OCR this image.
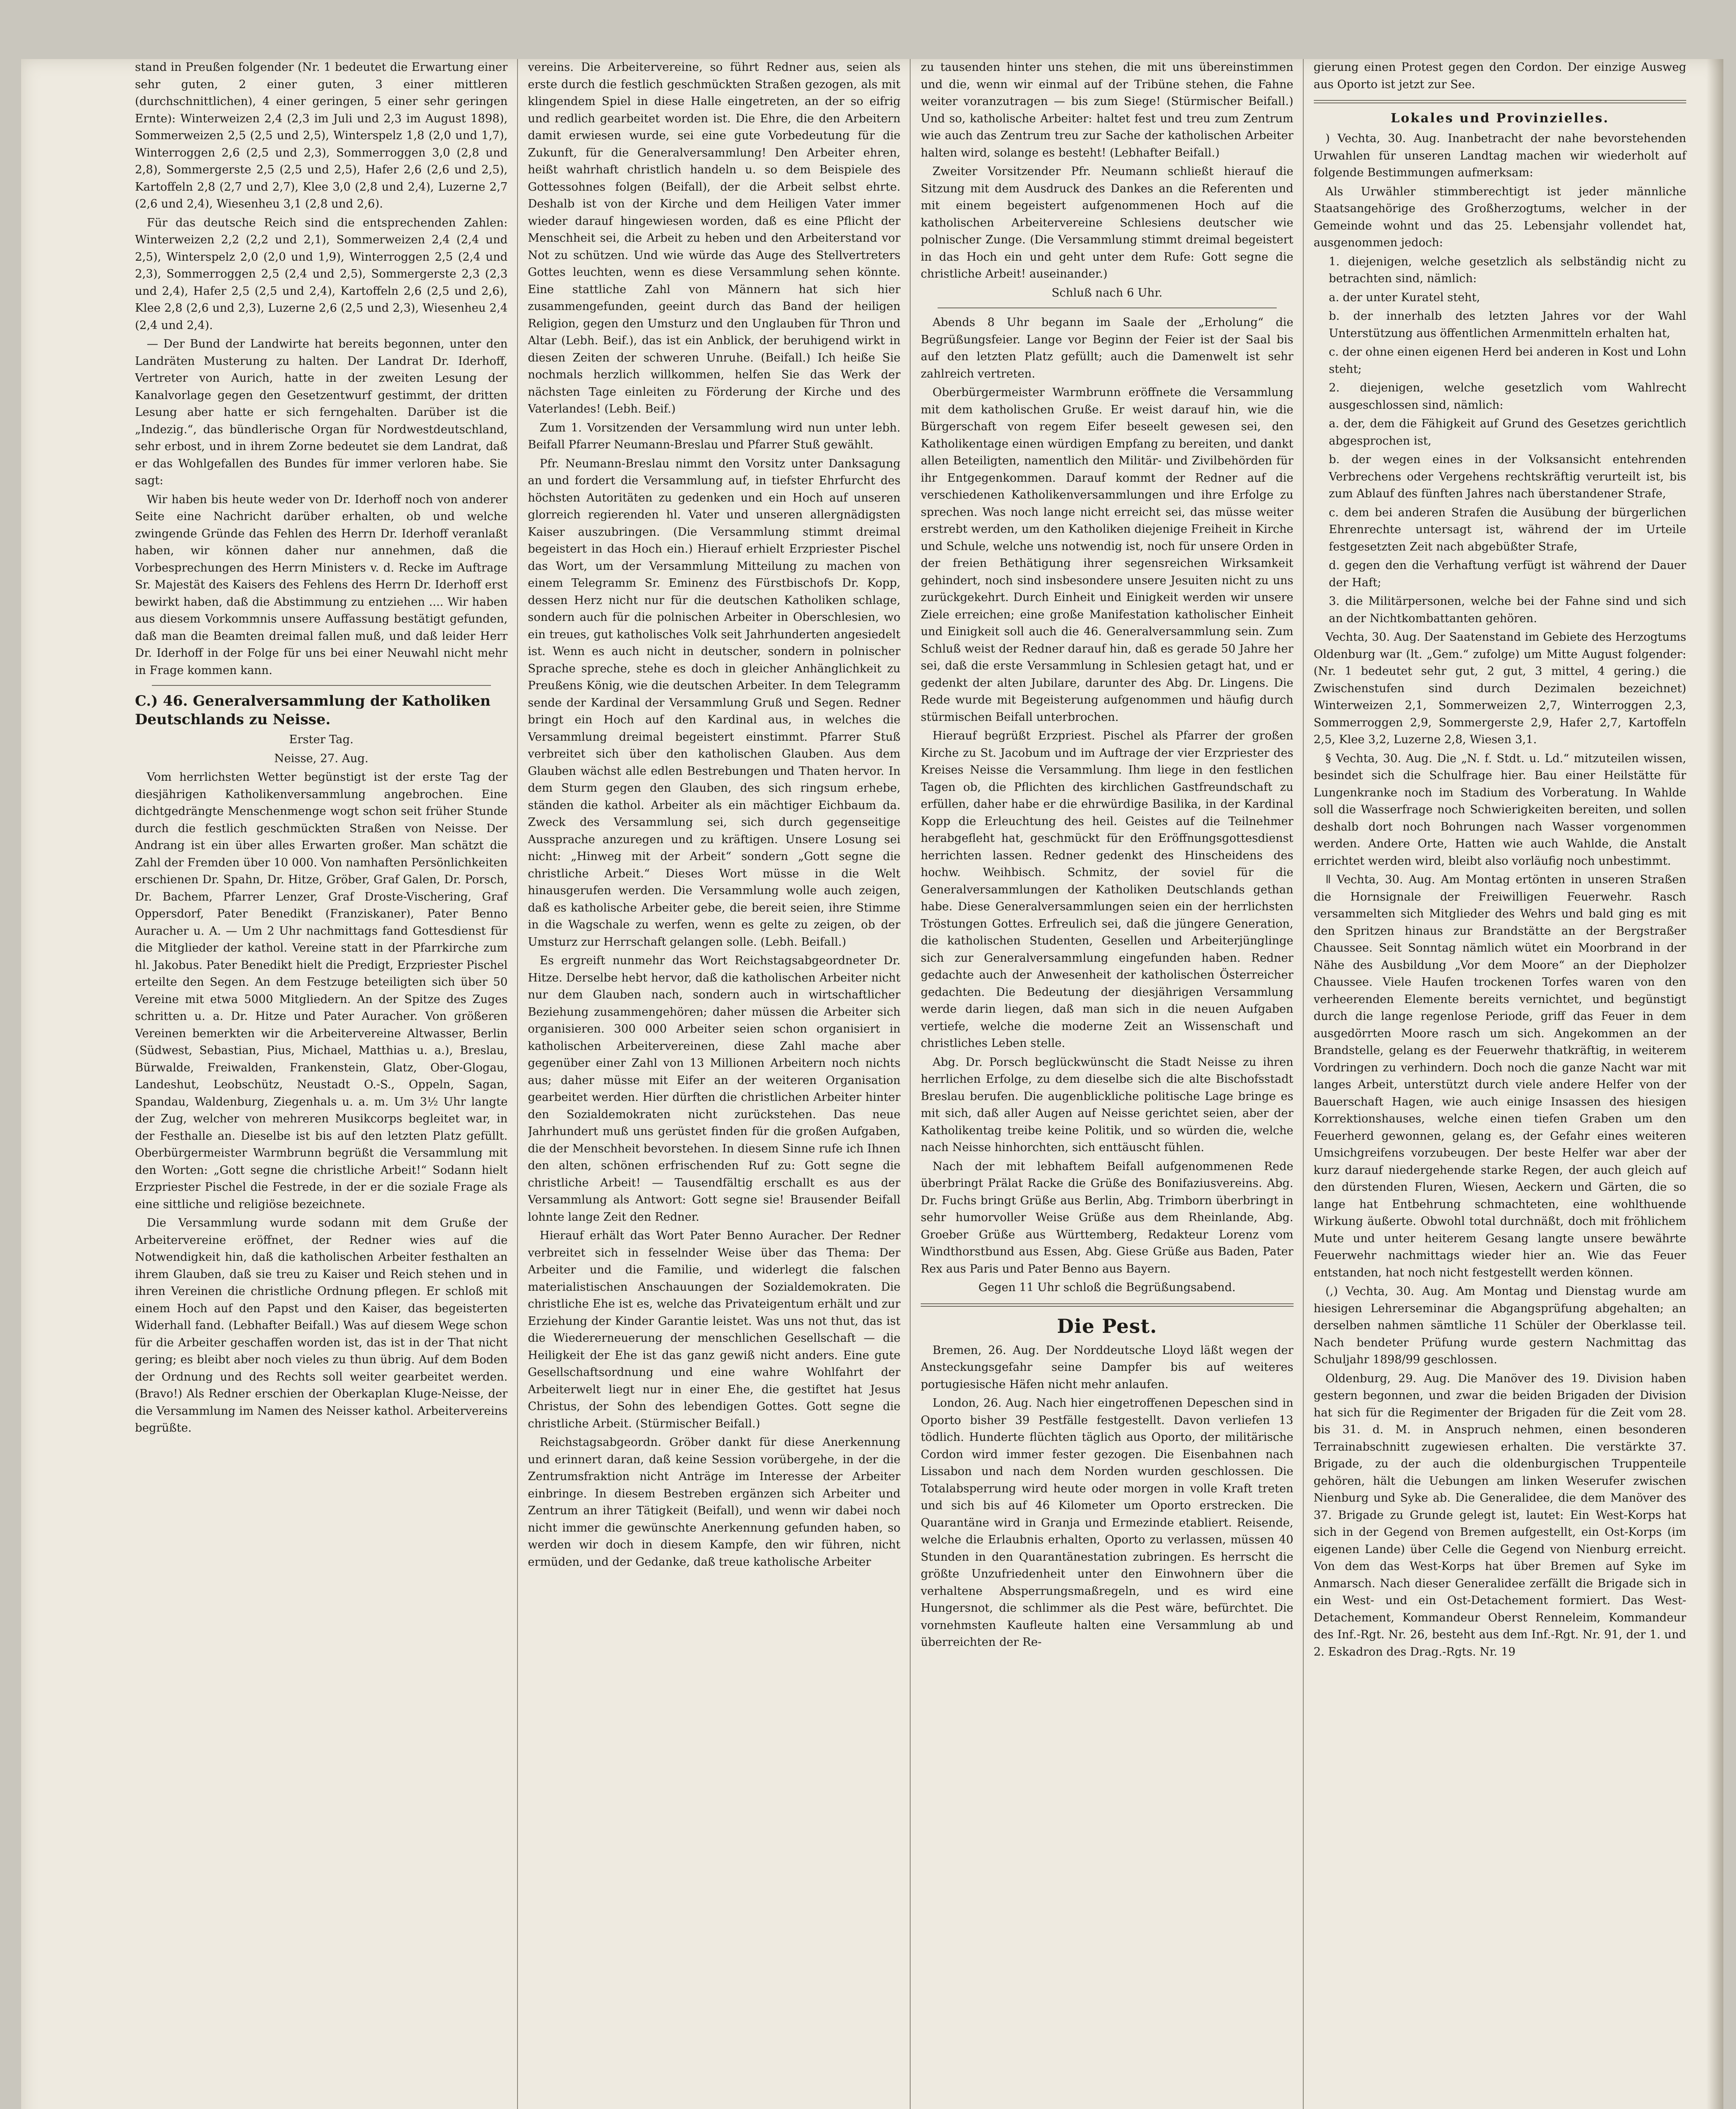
stand in Preußen folgender (Nr. 1 bedeutet die Erwartung einer sehr guten, 2 einer guten, 3 einer mittleren (durchschnittlichen), 4 einer geringen, 5 einer sehr geringen Ernte): Winterweizen 2,4 (2,3 im Juli und 2,3 im August 1898), Sommerweizen 2,5 (2,5 und 2,5), Winterspelz 1,8 (2,0 und 1,7), Winterroggen 2,6 (2,5 und 2,3), Sommerroggen 3,0 (2,8 und 2,8), Sommergerste 2,5 (2,5 und 2,5), Hafer 2,6 (2,6 und 2,5), Kartoffeln 2,8 (2,7 und 2,7), Klee 3,0 (2,8 und 2,4), Luzerne 2,7 (2,6 und 2,4), Wiesenheu 3,1 (2,8 und 2,6).

Für das deutsche Reich sind die entsprechenden Zahlen: Winterweizen 2,2 (2,2 und 2,1), Sommerweizen 2,4 (2,4 und 2,5), Winterspelz 2,0 (2,0 und 1,9), Winterroggen 2,5 (2,4 und 2,3), Sommerroggen 2,5 (2,4 und 2,5), Sommergerste 2,3 (2,3 und 2,4), Hafer 2,5 (2,5 und 2,4), Kartoffeln 2,6 (2,5 und 2,6), Klee 2,8 (2,6 und 2,3), Luzerne 2,6 (2,5 und 2,3), Wiesenheu 2,4 (2,4 und 2,4).

— Der Bund der Landwirte hat bereits begonnen, unter den Landräten Musterung zu halten. Der Landrat Dr. Iderhoff, Vertreter von Aurich, hatte in der zweiten Lesung der Kanalvorlage gegen den Gesetzentwurf gestimmt, der dritten Lesung aber hatte er sich ferngehalten. Darüber ist die „Indezig.“, das bündlerische Organ für Nordwestdeutschland, sehr erbost, und in ihrem Zorne bedeutet sie dem Landrat, daß er das Wohlgefallen des Bundes für immer verloren habe. Sie sagt:

Wir haben bis heute weder von Dr. Iderhoff noch von anderer Seite eine Nachricht darüber erhalten, ob und welche zwingende Gründe das Fehlen des Herrn Dr. Iderhoff veranlaßt haben, wir können daher nur annehmen, daß die Vorbesprechungen des Herrn Ministers v. d. Recke im Auftrage Sr. Majestät des Kaisers des Fehlens des Herrn Dr. Iderhoff erst bewirkt haben, daß die Abstimmung zu entziehen .... Wir haben aus diesem Vorkommnis unsere Auffassung bestätigt gefunden, daß man die Beamten dreimal fallen muß, und daß leider Herr Dr. Iderhoff in der Folge für uns bei einer Neuwahl nicht mehr in Frage kommen kann.

C.) 46. Generalversammlung der Katholiken Deutschlands zu Neisse.

Erster Tag.

Neisse, 27. Aug.

Vom herrlichsten Wetter begünstigt ist der erste Tag der diesjährigen Katholikenversammlung angebrochen. Eine dichtgedrängte Menschenmenge wogt schon seit früher Stunde durch die festlich geschmückten Straßen von Neisse. Der Andrang ist ein über alles Erwarten großer. Man schätzt die Zahl der Fremden über 10 000. Von namhaften Persönlichkeiten erschienen Dr. Spahn, Dr. Hitze, Gröber, Graf Galen, Dr. Porsch, Dr. Bachem, Pfarrer Lenzer, Graf Droste-Vischering, Graf Oppersdorf, Pater Benedikt (Franziskaner), Pater Benno Auracher u. A. — Um 2 Uhr nachmittags fand Gottesdienst für die Mitglieder der kathol. Vereine statt in der Pfarrkirche zum hl. Jakobus. Pater Benedikt hielt die Predigt, Erzpriester Pischel erteilte den Segen. An dem Festzuge beteiligten sich über 50 Vereine mit etwa 5000 Mitgliedern. An der Spitze des Zuges schritten u. a. Dr. Hitze und Pater Auracher. Von größeren Vereinen bemerkten wir die Arbeitervereine Altwasser, Berlin (Südwest, Sebastian, Pius, Michael, Matthias u. a.), Breslau, Bürwalde, Freiwalden, Frankenstein, Glatz, Ober-Glogau, Landeshut, Leobschütz, Neustadt O.-S., Oppeln, Sagan, Spandau, Waldenburg, Ziegenhals u. a. m. Um 3½ Uhr langte der Zug, welcher von mehreren Musikcorps begleitet war, in der Festhalle an. Dieselbe ist bis auf den letzten Platz gefüllt. Oberbürgermeister Warmbrunn begrüßt die Versammlung mit den Worten: „Gott segne die christliche Arbeit!“ Sodann hielt Erzpriester Pischel die Festrede, in der er die soziale Frage als eine sittliche und religiöse bezeichnete.

Die Versammlung wurde sodann mit dem Gruße der Arbeitervereine eröffnet, der Redner wies auf die Notwendigkeit hin, daß die katholischen Arbeiter festhalten an ihrem Glauben, daß sie treu zu Kaiser und Reich stehen und in ihren Vereinen die christliche Ordnung pflegen. Er schloß mit einem Hoch auf den Papst und den Kaiser, das begeisterten Widerhall fand. (Lebhafter Beifall.) Was auf diesem Wege schon für die Arbeiter geschaffen worden ist, das ist in der That nicht gering; es bleibt aber noch vieles zu thun übrig. Auf dem Boden der Ordnung und des Rechts soll weiter gearbeitet werden. (Bravo!) Als Redner erschien der Oberkaplan Kluge-Neisse, der die Versammlung im Namen des Neisser kathol. Arbeitervereins begrüßte.

vereins. Die Arbeitervereine, so führt Redner aus, seien als erste durch die festlich geschmückten Straßen gezogen, als mit klingendem Spiel in diese Halle eingetreten, an der so eifrig und redlich gearbeitet worden ist. Die Ehre, die den Arbeitern damit erwiesen wurde, sei eine gute Vorbedeutung für die Zukunft, für die Generalversammlung! Den Arbeiter ehren, heißt wahrhaft christlich handeln u. so dem Beispiele des Gottessohnes folgen (Beifall), der die Arbeit selbst ehrte. Deshalb ist von der Kirche und dem Heiligen Vater immer wieder darauf hingewiesen worden, daß es eine Pflicht der Menschheit sei, die Arbeit zu heben und den Arbeiterstand vor Not zu schützen. Und wie würde das Auge des Stellvertreters Gottes leuchten, wenn es diese Versammlung sehen könnte. Eine stattliche Zahl von Männern hat sich hier zusammengefunden, geeint durch das Band der heiligen Religion, gegen den Umsturz und den Unglauben für Thron und Altar (Lebh. Beif.), das ist ein Anblick, der beruhigend wirkt in diesen Zeiten der schweren Unruhe. (Beifall.) Ich heiße Sie nochmals herzlich willkommen, helfen Sie das Werk der nächsten Tage einleiten zu Förderung der Kirche und des Vaterlandes! (Lebh. Beif.)

Zum 1. Vorsitzenden der Versammlung wird nun unter lebh. Beifall Pfarrer Neumann-Breslau und Pfarrer Stuß gewählt.

Pfr. Neumann-Breslau nimmt den Vorsitz unter Danksagung an und fordert die Versammlung auf, in tiefster Ehrfurcht des höchsten Autoritäten zu gedenken und ein Hoch auf unseren glorreich regierenden hl. Vater und unseren allergnädigsten Kaiser auszubringen. (Die Versammlung stimmt dreimal begeistert in das Hoch ein.) Hierauf erhielt Erzpriester Pischel das Wort, um der Versammlung Mitteilung zu machen von einem Telegramm Sr. Eminenz des Fürstbischofs Dr. Kopp, dessen Herz nicht nur für die deutschen Katholiken schlage, sondern auch für die polnischen Arbeiter in Oberschlesien, wo ein treues, gut katholisches Volk seit Jahrhunderten angesiedelt ist. Wenn es auch nicht in deutscher, sondern in polnischer Sprache spreche, stehe es doch in gleicher Anhänglichkeit zu Preußens König, wie die deutschen Arbeiter. In dem Telegramm sende der Kardinal der Versammlung Gruß und Segen. Redner bringt ein Hoch auf den Kardinal aus, in welches die Versammlung dreimal begeistert einstimmt. Pfarrer Stuß verbreitet sich über den katholischen Glauben. Aus dem Glauben wächst alle edlen Bestrebungen und Thaten hervor. In dem Sturm gegen den Glauben, des sich ringsum erhebe, ständen die kathol. Arbeiter als ein mächtiger Eichbaum da. Zweck des Versammlung sei, sich durch gegenseitige Aussprache anzuregen und zu kräftigen. Unsere Losung sei nicht: „Hinweg mit der Arbeit“ sondern „Gott segne die christliche Arbeit.“ Dieses Wort müsse in die Welt hinausgerufen werden. Die Versammlung wolle auch zeigen, daß es katholische Arbeiter gebe, die bereit seien, ihre Stimme in die Wagschale zu werfen, wenn es gelte zu zeigen, ob der Umsturz zur Herrschaft gelangen solle. (Lebh. Beifall.)

Es ergreift nunmehr das Wort Reichstagsabgeordneter Dr. Hitze. Derselbe hebt hervor, daß die katholischen Arbeiter nicht nur dem Glauben nach, sondern auch in wirtschaftlicher Beziehung zusammengehören; daher müssen die Arbeiter sich organisieren. 300 000 Arbeiter seien schon organisiert in katholischen Arbeitervereinen, diese Zahl mache aber gegenüber einer Zahl von 13 Millionen Arbeitern noch nichts aus; daher müsse mit Eifer an der weiteren Organisation gearbeitet werden. Hier dürften die christlichen Arbeiter hinter den Sozialdemokraten nicht zurückstehen. Das neue Jahrhundert muß uns gerüstet finden für die großen Aufgaben, die der Menschheit bevorstehen. In diesem Sinne rufe ich Ihnen den alten, schönen erfrischenden Ruf zu: Gott segne die christliche Arbeit! — Tausendfältig erschallt es aus der Versammlung als Antwort: Gott segne sie! Brausender Beifall lohnte lange Zeit den Redner.

Hierauf erhält das Wort Pater Benno Auracher. Der Redner verbreitet sich in fesselnder Weise über das Thema: Der Arbeiter und die Familie, und widerlegt die falschen materialistischen Anschauungen der Sozialdemokraten. Die christliche Ehe ist es, welche das Privateigentum erhält und zur Erziehung der Kinder Garantie leistet. Was uns not thut, das ist die Wiedererneuerung der menschlichen Gesellschaft — die Heiligkeit der Ehe ist das ganz gewiß nicht anders. Eine gute Gesellschaftsordnung und eine wahre Wohlfahrt der Arbeiterwelt liegt nur in einer Ehe, die gestiftet hat Jesus Christus, der Sohn des lebendigen Gottes. Gott segne die christliche Arbeit. (Stürmischer Beifall.)

Reichstagsabgeordn. Gröber dankt für diese Anerkennung und erinnert daran, daß keine Session vorübergehe, in der die Zentrumsfraktion nicht Anträge im Interesse der Arbeiter einbringe. In diesem Bestreben ergänzen sich Arbeiter und Zentrum an ihrer Tätigkeit (Beifall), und wenn wir dabei noch nicht immer die gewünschte Anerkennung gefunden haben, so werden wir doch in diesem Kampfe, den wir führen, nicht ermüden, und der Gedanke, daß treue katholische Arbeiter

zu tausenden hinter uns stehen, die mit uns übereinstimmen und die, wenn wir einmal auf der Tribüne stehen, die Fahne weiter voranzutragen — bis zum Siege! (Stürmischer Beifall.) Und so, katholische Arbeiter: haltet fest und treu zum Zentrum wie auch das Zentrum treu zur Sache der katholischen Arbeiter halten wird, solange es besteht! (Lebhafter Beifall.)

Zweiter Vorsitzender Pfr. Neumann schließt hierauf die Sitzung mit dem Ausdruck des Dankes an die Referenten und mit einem begeistert aufgenommenen Hoch auf die katholischen Arbeitervereine Schlesiens deutscher wie polnischer Zunge. (Die Versammlung stimmt dreimal begeistert in das Hoch ein und geht unter dem Rufe: Gott segne die christliche Arbeit! auseinander.)

Schluß nach 6 Uhr.

Abends 8 Uhr begann im Saale der „Erholung“ die Begrüßungsfeier. Lange vor Beginn der Feier ist der Saal bis auf den letzten Platz gefüllt; auch die Damenwelt ist sehr zahlreich vertreten.

Oberbürgermeister Warmbrunn eröffnete die Versammlung mit dem katholischen Gruße. Er weist darauf hin, wie die Bürgerschaft von regem Eifer beseelt gewesen sei, den Katholikentage einen würdigen Empfang zu bereiten, und dankt allen Beteiligten, namentlich den Militär- und Zivilbehörden für ihr Entgegenkommen. Darauf kommt der Redner auf die verschiedenen Katholikenversammlungen und ihre Erfolge zu sprechen. Was noch lange nicht erreicht sei, das müsse weiter erstrebt werden, um den Katholiken diejenige Freiheit in Kirche und Schule, welche uns notwendig ist, noch für unsere Orden in der freien Bethätigung ihrer segensreichen Wirksamkeit gehindert, noch sind insbesondere unsere Jesuiten nicht zu uns zurückgekehrt. Durch Einheit und Einigkeit werden wir unsere Ziele erreichen; eine große Manifestation katholischer Einheit und Einigkeit soll auch die 46. Generalversammlung sein. Zum Schluß weist der Redner darauf hin, daß es gerade 50 Jahre her sei, daß die erste Versammlung in Schlesien getagt hat, und er gedenkt der alten Jubilare, darunter des Abg. Dr. Lingens. Die Rede wurde mit Begeisterung aufgenommen und häufig durch stürmischen Beifall unterbrochen.

Hierauf begrüßt Erzpriest. Pischel als Pfarrer der großen Kirche zu St. Jacobum und im Auftrage der vier Erzpriester des Kreises Neisse die Versammlung. Ihm liege in den festlichen Tagen ob, die Pflichten des kirchlichen Gastfreundschaft zu erfüllen, daher habe er die ehrwürdige Basilika, in der Kardinal Kopp die Erleuchtung des heil. Geistes auf die Teilnehmer herabgefleht hat, geschmückt für den Eröffnungsgottesdienst herrichten lassen. Redner gedenkt des Hinscheidens des hochw. Weihbisch. Schmitz, der soviel für die Generalversammlungen der Katholiken Deutschlands gethan habe. Diese Generalversammlungen seien ein der herrlichsten Tröstungen Gottes. Erfreulich sei, daß die jüngere Generation, die katholischen Studenten, Gesellen und Arbeiterjünglinge sich zur Generalversammlung eingefunden haben. Redner gedachte auch der Anwesenheit der katholischen Österreicher gedachten. Die Bedeutung der diesjährigen Versammlung werde darin liegen, daß man sich in die neuen Aufgaben vertiefe, welche die moderne Zeit an Wissenschaft und christliches Leben stelle.

Abg. Dr. Porsch beglückwünscht die Stadt Neisse zu ihren herrlichen Erfolge, zu dem dieselbe sich die alte Bischofsstadt Breslau berufen. Die augenblickliche politische Lage bringe es mit sich, daß aller Augen auf Neisse gerichtet seien, aber der Katholikentag treibe keine Politik, und so würden die, welche nach Neisse hinhorchten, sich enttäuscht fühlen.

Nach der mit lebhaftem Beifall aufgenommenen Rede überbringt Prälat Racke die Grüße des Bonifaziusvereins. Abg. Dr. Fuchs bringt Grüße aus Berlin, Abg. Trimborn überbringt in sehr humorvoller Weise Grüße aus dem Rheinlande, Abg. Groeber Grüße aus Württemberg, Redakteur Lorenz vom Windthorstbund aus Essen, Abg. Giese Grüße aus Baden, Pater Rex aus Paris und Pater Benno aus Bayern.

Gegen 11 Uhr schloß die Begrüßungsabend.

Die Pest.

Bremen, 26. Aug. Der Norddeutsche Lloyd läßt wegen der Ansteckungsgefahr seine Dampfer bis auf weiteres portugiesische Häfen nicht mehr anlaufen.

London, 26. Aug. Nach hier eingetroffenen Depeschen sind in Oporto bisher 39 Pestfälle festgestellt. Davon verliefen 13 tödlich. Hunderte flüchten täglich aus Oporto, der militärische Cordon wird immer fester gezogen. Die Eisenbahnen nach Lissabon und nach dem Norden wurden geschlossen. Die Totalabsperrung wird heute oder morgen in volle Kraft treten und sich bis auf 46 Kilometer um Oporto erstrecken. Die Quarantäne wird in Granja und Ermezinde etabliert. Reisende, welche die Erlaubnis erhalten, Oporto zu verlassen, müssen 40 Stunden in den Quarantänestation zubringen. Es herrscht die größte Unzufriedenheit unter den Einwohnern über die verhaltene Absperrungsmaßregeln, und es wird eine Hungersnot, die schlimmer als die Pest wäre, befürchtet. Die vornehmsten Kaufleute halten eine Versammlung ab und überreichten der Re-

gierung einen Protest gegen den Cordon. Der einzige Ausweg aus Oporto ist jetzt zur See.

Lokales und Provinzielles.

) Vechta, 30. Aug. Inanbetracht der nahe bevorstehenden Urwahlen für unseren Landtag machen wir wiederholt auf folgende Bestimmungen aufmerksam:

Als Urwähler stimmberechtigt ist jeder männliche Staatsangehörige des Großherzogtums, welcher in der Gemeinde wohnt und das 25. Lebensjahr vollendet hat, ausgenommen jedoch:

1. diejenigen, welche gesetzlich als selbständig nicht zu betrachten sind, nämlich:

a. der unter Kuratel steht,

b. der innerhalb des letzten Jahres vor der Wahl Unterstützung aus öffentlichen Armenmitteln erhalten hat,

c. der ohne einen eigenen Herd bei anderen in Kost und Lohn steht;

2. diejenigen, welche gesetzlich vom Wahlrecht ausgeschlossen sind, nämlich:

a. der, dem die Fähigkeit auf Grund des Gesetzes gerichtlich abgesprochen ist,

b. der wegen eines in der Volksansicht entehrenden Verbrechens oder Vergehens rechtskräftig verurteilt ist, bis zum Ablauf des fünften Jahres nach überstandener Strafe,

c. dem bei anderen Strafen die Ausübung der bürgerlichen Ehrenrechte untersagt ist, während der im Urteile festgesetzten Zeit nach abgebüßter Strafe,

d. gegen den die Verhaftung verfügt ist während der Dauer der Haft;

3. die Militärpersonen, welche bei der Fahne sind und sich an der Nichtkombattanten gehören.

Vechta, 30. Aug. Der Saatenstand im Gebiete des Herzogtums Oldenburg war (lt. „Gem.“ zufolge) um Mitte August folgender: (Nr. 1 bedeutet sehr gut, 2 gut, 3 mittel, 4 gering.) die Zwischenstufen sind durch Dezimalen bezeichnet) Winterweizen 2,1, Sommerweizen 2,7, Winterroggen 2,3, Sommerroggen 2,9, Sommergerste 2,9, Hafer 2,7, Kartoffeln 2,5, Klee 3,2, Luzerne 2,8, Wiesen 3,1.

§ Vechta, 30. Aug. Die „N. f. Stdt. u. Ld.“ mitzuteilen wissen, besindet sich die Schulfrage hier. Bau einer Heilstätte für Lungenkranke noch im Stadium des Vorberatung. In Wahlde soll die Wasserfrage noch Schwierigkeiten bereiten, und sollen deshalb dort noch Bohrungen nach Wasser vorgenommen werden. Andere Orte, Hatten wie auch Wahlde, die Anstalt errichtet werden wird, bleibt also vorläufig noch unbestimmt.

ǁ Vechta, 30. Aug. Am Montag ertönten in unseren Straßen die Hornsignale der Freiwilligen Feuerwehr. Rasch versammelten sich Mitglieder des Wehrs und bald ging es mit den Spritzen hinaus zur Brandstätte an der Bergstraßer Chaussee. Seit Sonntag nämlich wütet ein Moorbrand in der Nähe des Ausbildung „Vor dem Moore“ an der Diepholzer Chaussee. Viele Haufen trockenen Torfes waren von den verheerenden Elemente bereits vernichtet, und begünstigt durch die lange regenlose Periode, griff das Feuer in dem ausgedörrten Moore rasch um sich. Angekommen an der Brandstelle, gelang es der Feuerwehr thatkräftig, in weiterem Vordringen zu verhindern. Doch noch die ganze Nacht war mit langes Arbeit, unterstützt durch viele andere Helfer von der Bauerschaft Hagen, wie auch einige Insassen des hiesigen Korrektionshauses, welche einen tiefen Graben um den Feuerherd gewonnen, gelang es, der Gefahr eines weiteren Umsichgreifens vorzubeugen. Der beste Helfer war aber der kurz darauf niedergehende starke Regen, der auch gleich auf den dürstenden Fluren, Wiesen, Aeckern und Gärten, die so lange hat Entbehrung schmachteten, eine wohlthuende Wirkung äußerte. Obwohl total durchnäßt, doch mit fröhlichem Mute und unter heiterem Gesang langte unsere bewährte Feuerwehr nachmittags wieder hier an. Wie das Feuer entstanden, hat noch nicht festgestellt werden können.

(,) Vechta, 30. Aug. Am Montag und Dienstag wurde am hiesigen Lehrerseminar die Abgangsprüfung abgehalten; an derselben nahmen sämtliche 11 Schüler der Oberklasse teil. Nach bendeter Prüfung wurde gestern Nachmittag das Schuljahr 1898/99 geschlossen.

Oldenburg, 29. Aug. Die Manöver des 19. Division haben gestern begonnen, und zwar die beiden Brigaden der Division hat sich für die Regimenter der Brigaden für die Zeit vom 28. bis 31. d. M. in Anspruch nehmen, einen besonderen Terrainabschnitt zugewiesen erhalten. Die verstärkte 37. Brigade, zu der auch die oldenburgischen Truppenteile gehören, hält die Uebungen am linken Weserufer zwischen Nienburg und Syke ab. Die Generalidee, die dem Manöver des 37. Brigade zu Grunde gelegt ist, lautet: Ein West-Korps hat sich in der Gegend von Bremen aufgestellt, ein Ost-Korps (im eigenen Lande) über Celle die Gegend von Nienburg erreicht. Von dem das West-Korps hat über Bremen auf Syke im Anmarsch. Nach dieser Generalidee zerfällt die Brigade sich in ein West- und ein Ost-Detachement formiert. Das West-Detachement, Kommandeur Oberst Renneleim, Kommandeur des Inf.-Rgt. Nr. 26, besteht aus dem Inf.-Rgt. Nr. 91, der 1. und 2. Eskadron des Drag.-Rgts. Nr. 19
